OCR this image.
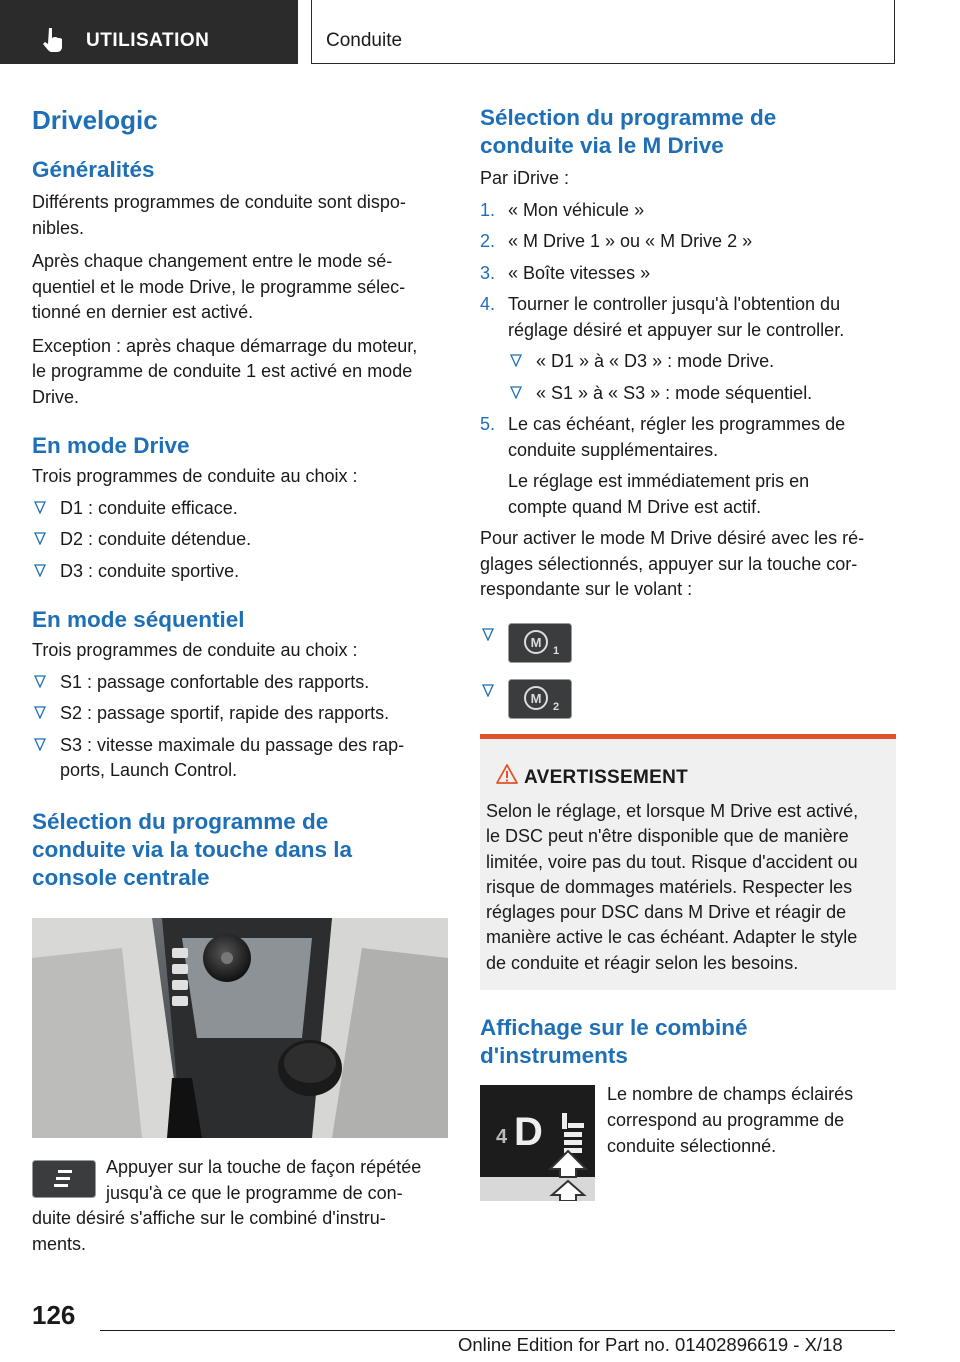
UTILISATION	Conduite
Drivelogic
Généralités

Différents programmes de conduite sont dispo-

nibles.

Après chaque changement entre le mode sé-

quentiel et le mode Drive, le programme sélec-

tionné en dernier est activé.

Exception : après chaque démarrage du moteur,

le programme de conduite 1 est activé en mode

Drive.

En mode Drive

Trois programmes de conduite au choix :

D1 : conduite efficace.
D2 : conduite détendue.
D3 : conduite sportive.
En mode séquentiel

Trois programmes de conduite au choix :

S1 : passage confortable des rapports.
S2 : passage sportif, rapide des rapports.
S3 : vitesse maximale du passage des rap-
ports, Launch Control.
Sélection du programme de
conduite via la touche dans la
console centrale

Appuyer sur la touche de façon répétée

jusqu'à ce que le programme de con-

duite désiré s'affiche sur le combiné d'instru-

ments.

Sélection du programme de
conduite via le M Drive

Par iDrive :

1. « Mon véhicule »
2. « M Drive 1 » ou « M Drive 2 »
3. « Boîte vitesses »
4. Tourner le controller jusqu'à l'obtention du
réglage désiré et appuyer sur le controller.
« D1 » à « D3 » : mode Drive.
« S1 » à « S3 » : mode séquentiel.
5. Le cas échéant, régler les programmes de
conduite supplémentaires.
Le réglage est immédiatement pris en
compte quand M Drive est actif.

Pour activer le mode M Drive désiré avec les ré-

glages sélectionnés, appuyer sur la touche cor-

respondante sur le volant :

M
1
M
2
AVERTISSEMENT
Selon le réglage, et lorsque M Drive est activé,
le DSC peut n'être disponible que de manière
limitée, voire pas du tout. Risque d'accident ou
risque de dommages matériels. Respecter les
réglages pour DSC dans M Drive et réagir de
manière active le cas échéant. Adapter le style
de conduite et réagir selon les besoins.
Affichage sur le combiné
d'instruments
4 D

Le nombre de champs éclairés

correspond au programme de

conduite sélectionné.

126
Online Edition for Part no. 01402896619 - X/18
